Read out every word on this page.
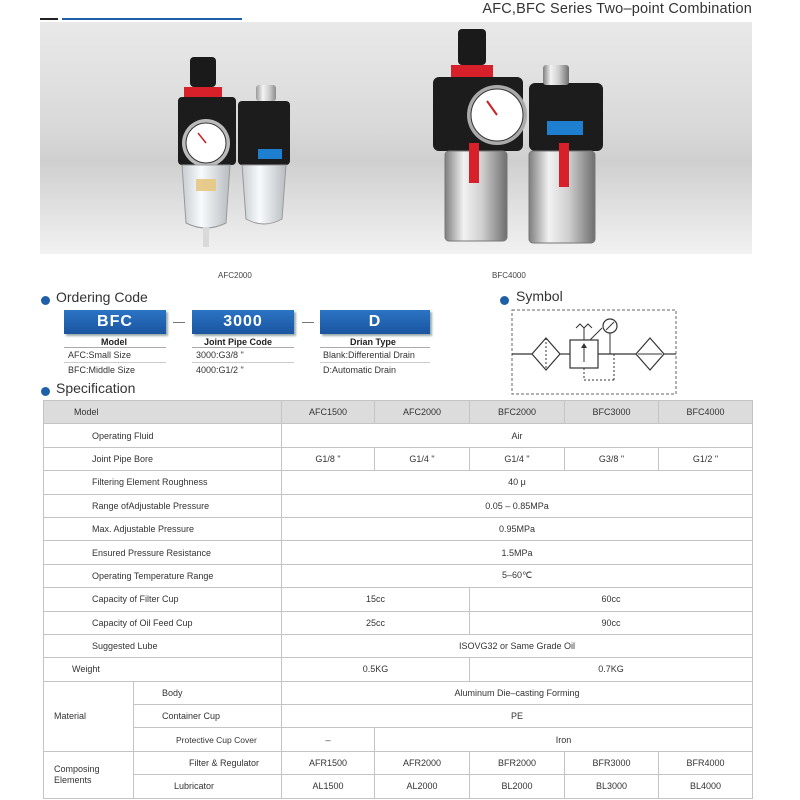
AFC,BFC Series Two–point Combination
AFC2000	BFC4000
Ordering Code
BFC
Model
AFC:Small Size
BFC:Middle Size
3000
Joint Pipe Code
3000:G3/8 "
4000:G1/2 "
D
Drian Type
Blank:Differential Drain
D:Automatic Drain
Symbol
Specification
Model		AFC1500	AFC2000	BFC2000	BFC3000	BFC4000
Operating Fluid		Air				
Joint Pipe Bore		G1/8 "	G1/4 "	G1/4 "	G3/8 "	G1/2 "
Filtering Element Roughness		40 μ				
Range ofAdjustable Pressure		0.05 – 0.85MPa				
Max. Adjustable Pressure		0.95MPa				
Ensured Pressure Resistance		1.5MPa				
Operating Temperature Range		5–60℃				
Capacity of Filter Cup		15cc		60cc		
Capacity of Oil Feed Cup		25cc		90cc		
Suggested Lube		ISOVG32 or Same Grade Oil				
Weight		0.5KG		0.7KG		
Material	Body	Aluminum Die–casting Forming				
	Container Cup	PE				
	Protective Cup Cover	–	Iron			
Composing Elements	Filter & Regulator	AFR1500	AFR2000	BFR2000	BFR3000	BFR4000
	Lubricator	AL1500	AL2000	BL2000	BL3000	BL4000
